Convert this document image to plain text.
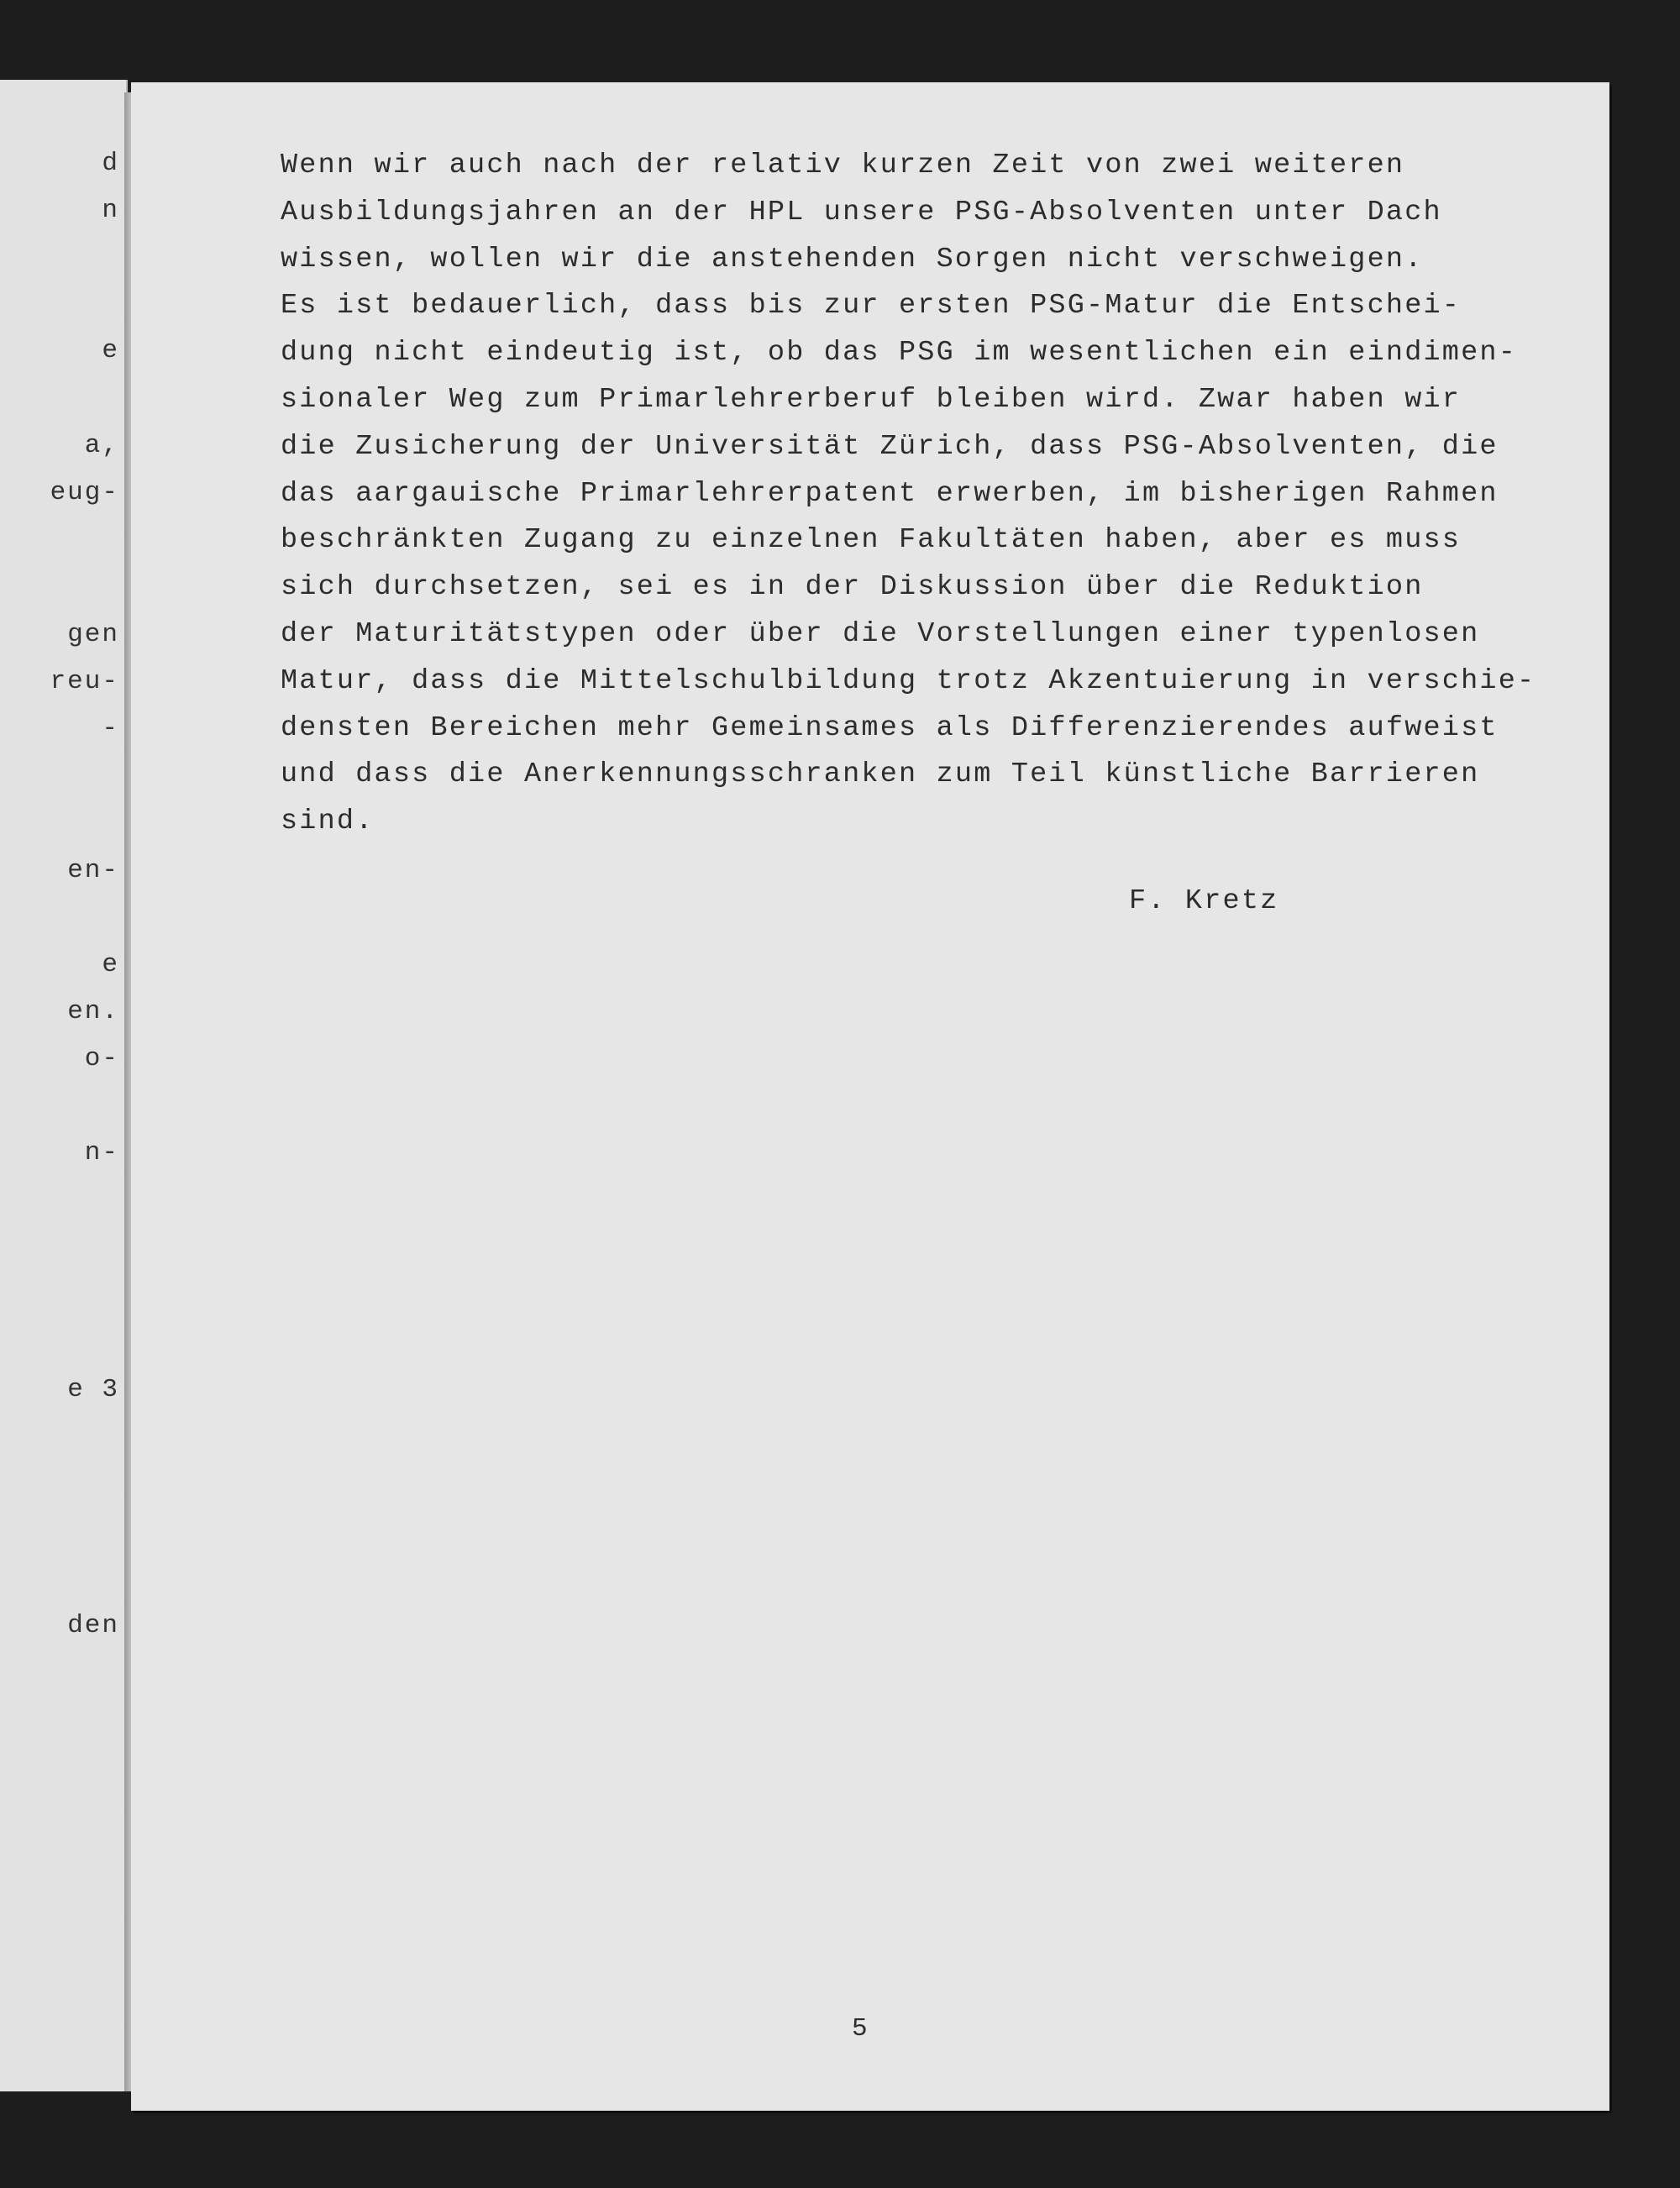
d

n

e

a,

eug-

gen

reu-

-

en-

e

en.

o-

n-

e 3

den

Wenn wir auch nach der relativ kurzen Zeit von zwei weiteren
Ausbildungsjahren an der HPL unsere PSG-Absolventen unter Dach
wissen, wollen wir die anstehenden Sorgen nicht verschweigen.
Es ist bedauerlich, dass bis zur ersten PSG-Matur die Entschei-
dung nicht eindeutig ist, ob das PSG im wesentlichen ein eindimen-
sionaler Weg zum Primarlehrerberuf bleiben wird. Zwar haben wir
die Zusicherung der Universität Zürich, dass PSG-Absolventen, die
das aargauische Primarlehrerpatent erwerben, im bisherigen Rahmen
beschränkten Zugang zu einzelnen Fakultäten haben, aber es muss
sich durchsetzen, sei es in der Diskussion über die Reduktion
der Maturitätstypen oder über die Vorstellungen einer typenlosen
Matur, dass die Mittelschulbildung trotz Akzentuierung in verschie-
densten Bereichen mehr Gemeinsames als Differenzierendes aufweist
und dass die Anerkennungsschranken zum Teil künstliche Barrieren
sind.

F. Kretz

5
